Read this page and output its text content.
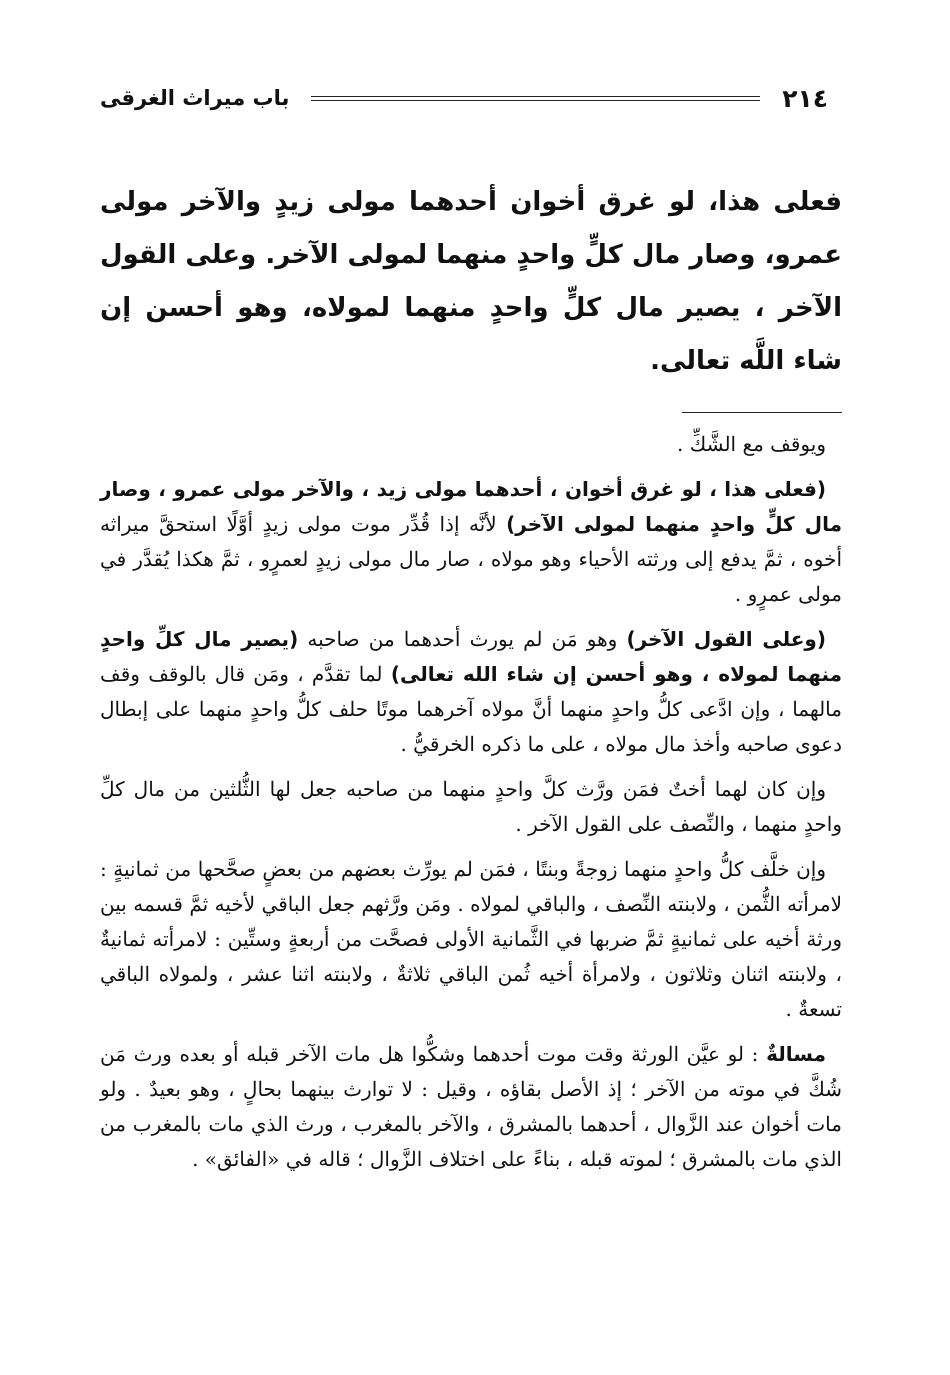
٢١٤
باب ميراث الغرقى
فعلى هذا، لو غرق أخوان أحدهما مولى زيدٍ والآخر مولى عمرو، وصار مال كلٍّ واحدٍ منهما لمولى الآخر. وعلى القول الآخر ، يصير مال كلٍّ واحدٍ منهما لمولاه، وهو أحسن إن شاء اللَّه تعالى.

ويوقف مع الشَّكِّ .

(فعلى هذا ، لو غرق أخوان ، أحدهما مولى زيد ، والآخر مولى عمرو ، وصار مال كلٍّ واحدٍ منهما لمولى الآخر) لأنَّه إذا قُدِّر موت مولى زيدٍ أوَّلًا استحقَّ ميراثه أخوه ، ثمَّ يدفع إلى ورثته الأحياء وهو مولاه ، صار مال مولى زيدٍ لعمرٍو ، ثمَّ هكذا يُقدَّر في مولى عمرٍو .

(وعلى القول الآخر) وهو مَن لم يورث أحدهما من صاحبه (يصير مال كلِّ واحدٍ منهما لمولاه ، وهو أحسن إن شاء الله تعالى) لما تقدَّم ، ومَن قال بالوقف وقف مالهما ، وإن ادَّعى كلُّ واحدٍ منهما أنَّ مولاه آخرهما موتًا حلف كلُّ واحدٍ منهما على إبطال دعوى صاحبه وأخذ مال مولاه ، على ما ذكره الخرقيُّ .

وإن كان لهما أختٌ فمَن ورَّث كلَّ واحدٍ منهما من صاحبه جعل لها الثُّلثين من مال كلِّ واحدٍ منهما ، والنِّصف على القول الآخر .

وإن خلَّف كلُّ واحدٍ منهما زوجةً وبنتًا ، فمَن لم يورِّث بعضهم من بعضٍ صحَّحها من ثمانيةٍ : لامرأته الثُّمن ، ولابنته النِّصف ، والباقي لمولاه . ومَن ورَّثهم جعل الباقي لأخيه ثمَّ قسمه بين ورثة أخيه على ثمانيةٍ ثمَّ ضربها في الثَّمانية الأولى فصحَّت من أربعةٍ وستِّين : لامرأته ثمانيةٌ ، ولابنته اثنان وثلاثون ، ولامرأة أخيه ثُمن الباقي ثلاثةٌ ، ولابنته اثنا عشر ، ولمولاه الباقي تسعةٌ .

مسالةٌ : لو عيَّن الورثة وقت موت أحدهما وشكُّوا هل مات الآخر قبله أو بعده ورث مَن شُكَّ في موته من الآخر ؛ إذ الأصل بقاؤه ، وقيل : لا توارث بينهما بحالٍ ، وهو بعيدٌ . ولو مات أخوان عند الزَّوال ، أحدهما بالمشرق ، والآخر بالمغرب ، ورث الذي مات بالمغرب من الذي مات بالمشرق ؛ لموته قبله ، بناءً على اختلاف الزَّوال ؛ قاله في «الفائق» .
